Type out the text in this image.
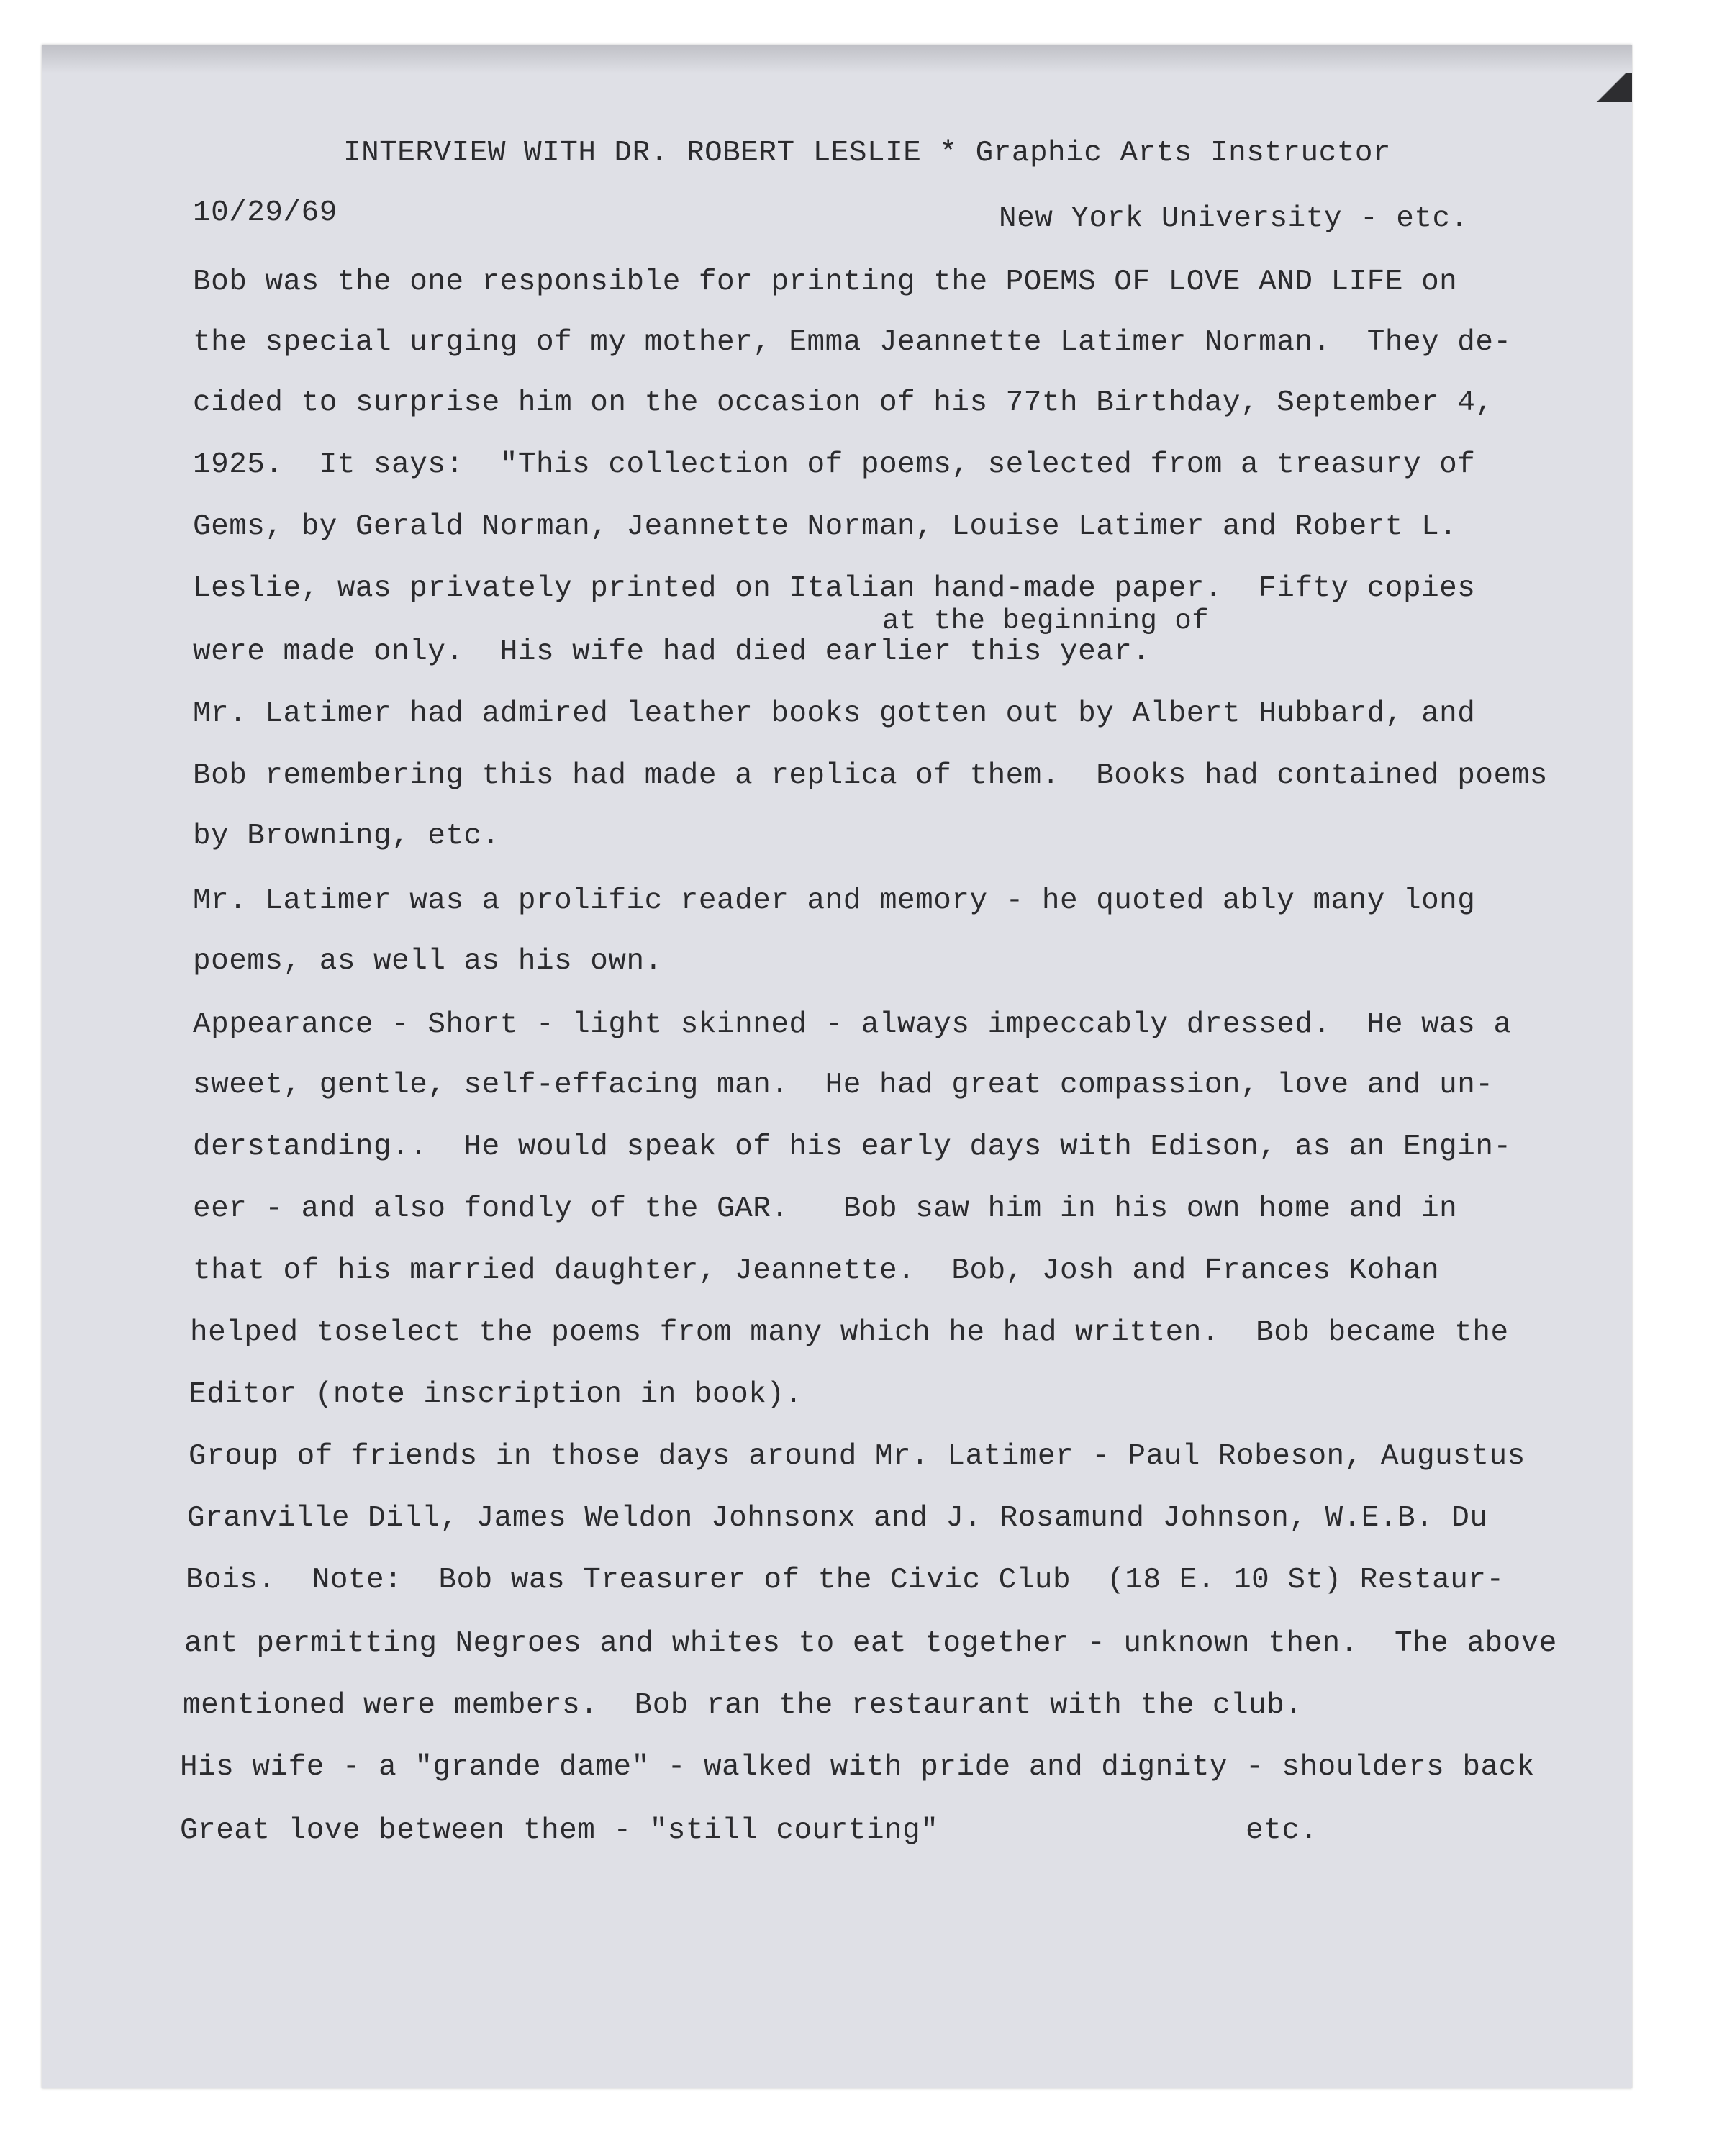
INTERVIEW WITH DR. ROBERT LESLIE * Graphic Arts Instructor
10/29/69	New York University - etc.
Bob was the one responsible for printing the POEMS OF LOVE AND LIFE on
the special urging of my mother, Emma Jeannette Latimer Norman.  They de-
cided to surprise him on the occasion of his 77th Birthday, September 4,
1925.  It says:  "This collection of poems, selected from a treasury of
Gems, by Gerald Norman, Jeannette Norman, Louise Latimer and Robert L.
Leslie, was privately printed on Italian hand-made paper.  Fifty copies
at the beginning of
were made only.  His wife had died earlier this year.
Mr. Latimer had admired leather books gotten out by Albert Hubbard, and
Bob remembering this had made a replica of them.  Books had contained poems
by Browning, etc.
Mr. Latimer was a prolific reader and memory - he quoted ably many long
poems, as well as his own.
Appearance - Short - light skinned - always impeccably dressed.  He was a
sweet, gentle, self-effacing man.  He had great compassion, love and un-
derstanding..  He would speak of his early days with Edison, as an Engin-
eer - and also fondly of the GAR.   Bob saw him in his own home and in
that of his married daughter, Jeannette.  Bob, Josh and Frances Kohan
helped toselect the poems from many which he had written.  Bob became the
Editor (note inscription in book).
Group of friends in those days around Mr. Latimer - Paul Robeson, Augustus
Granville Dill, James Weldon Johnsonx and J. Rosamund Johnson, W.E.B. Du
Bois.  Note:  Bob was Treasurer of the Civic Club  (18 E. 10 St) Restaur-
ant permitting Negroes and whites to eat together - unknown then.  The above
mentioned were members.  Bob ran the restaurant with the club.
His wife - a "grande dame" - walked with pride and dignity - shoulders back
Great love between them - "still courting"                 etc.
